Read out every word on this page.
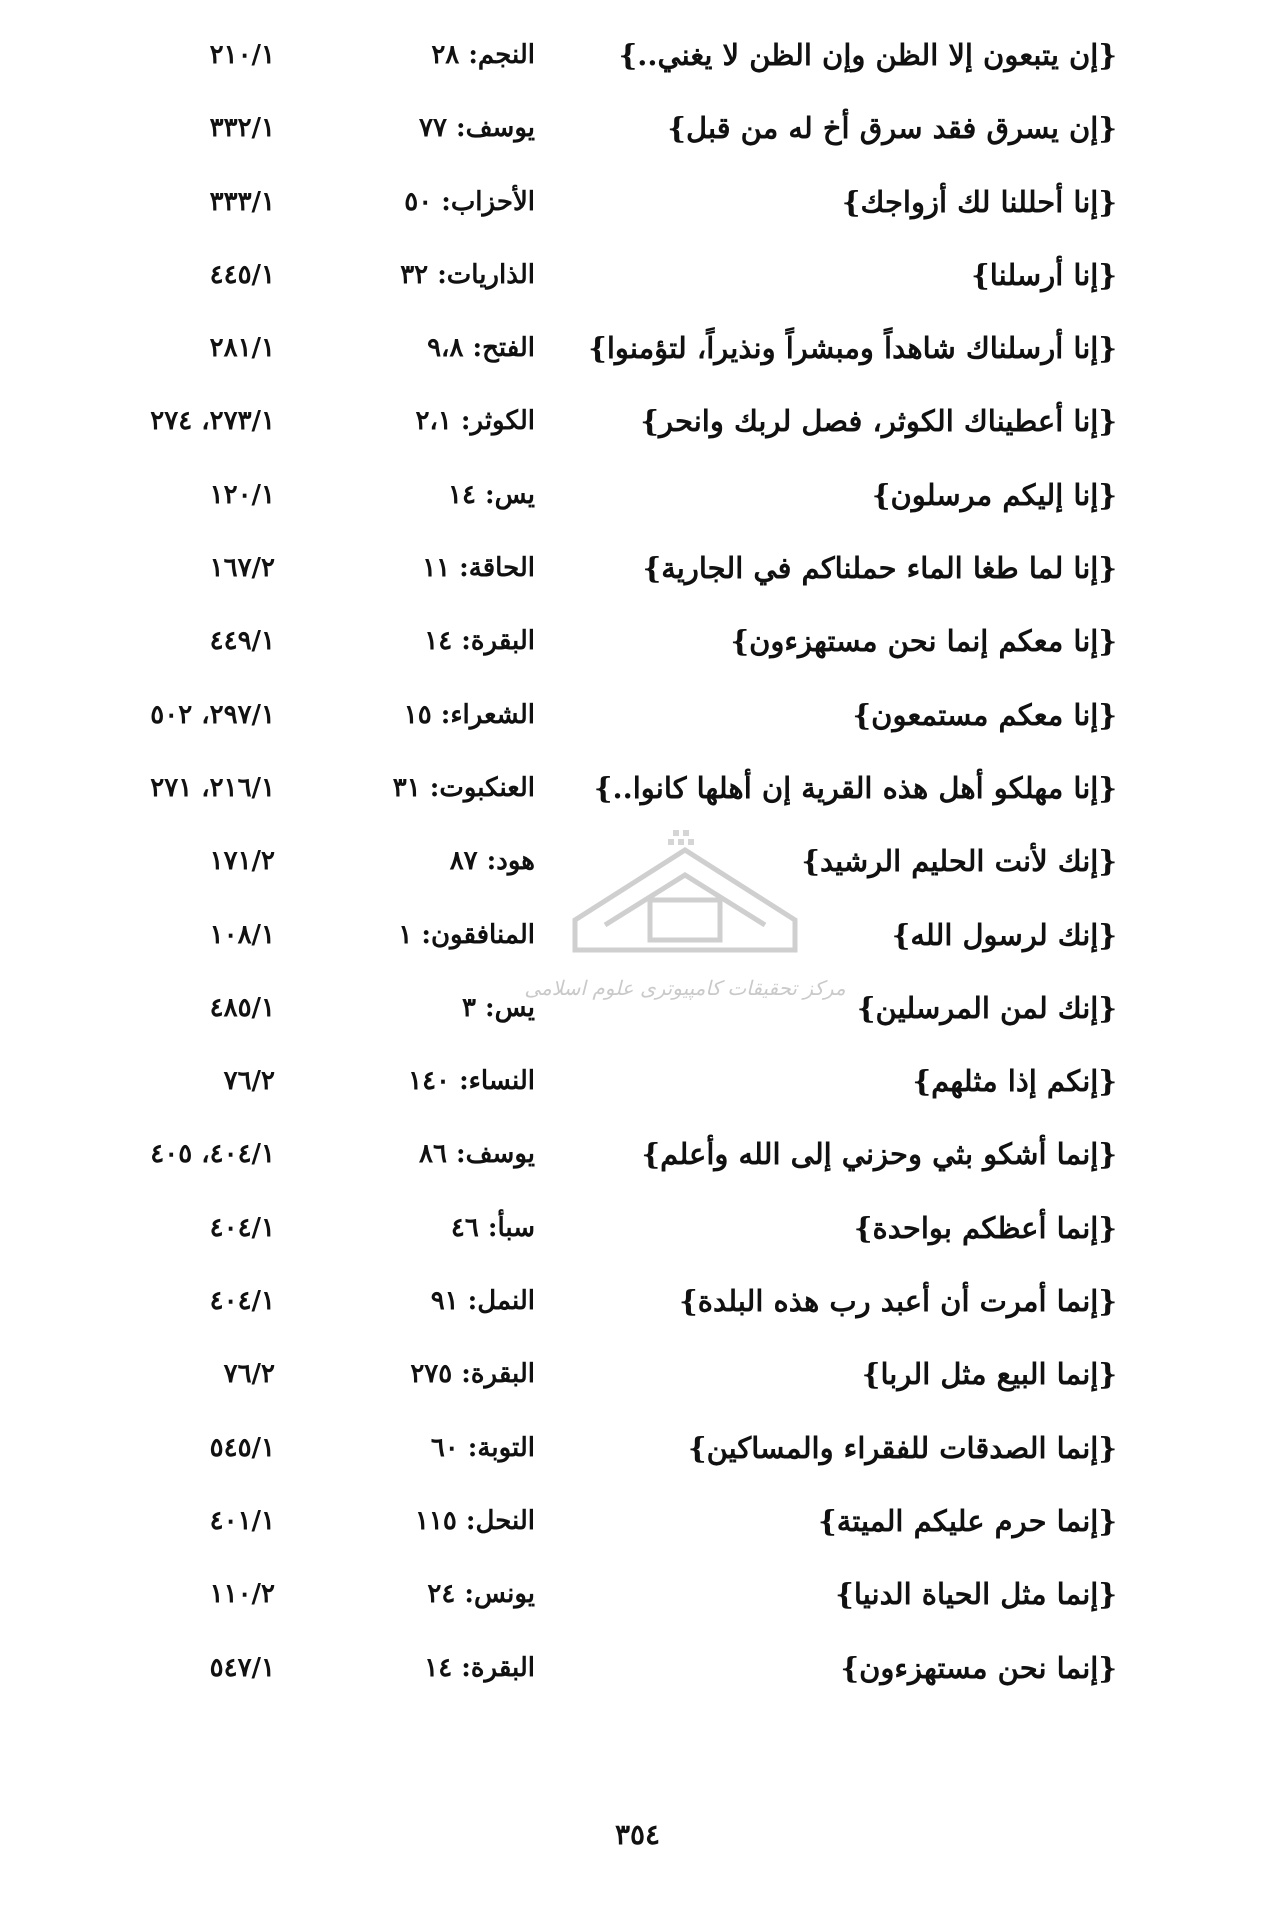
{إن يتبعون إلا الظن وإن الظن لا يغني..}
النجم: ٢٨
٢١٠/١
{إن يسرق فقد سرق أخ له من قبل}
يوسف: ٧٧
٣٣٢/١
{إنا أحللنا لك أزواجك}
الأحزاب: ٥٠
٣٣٣/١
{إنا أرسلنا}
الذاريات: ٣٢
٤٤٥/١
{إنا أرسلناك شاهداً ومبشراً ونذيراً، لتؤمنوا}
الفتح: ٩،٨
٢٨١/١
{إنا أعطيناك الكوثر، فصل لربك وانحر}
الكوثر: ٢،١
٢٧٣/١، ٢٧٤
{إنا إليكم مرسلون}
يس: ١٤
١٢٠/١
{إنا لما طغا الماء حملناكم في الجارية}
الحاقة: ١١
١٦٧/٢
{إنا معكم إنما نحن مستهزءون}
البقرة: ١٤
٤٤٩/١
{إنا معكم مستمعون}
الشعراء: ١٥
٢٩٧/١، ٥٠٢
{إنا مهلكو أهل هذه القرية إن أهلها كانوا..}
العنكبوت: ٣١
٢١٦/١، ٢٧١
{إنك لأنت الحليم الرشيد}
هود: ٨٧
١٧١/٢
{إنك لرسول الله}
المنافقون: ١
١٠٨/١
{إنك لمن المرسلين}
يس: ٣
٤٨٥/١
{إنكم إذا مثلهم}
النساء: ١٤٠
٧٦/٢
{إنما أشكو بثي وحزني إلى الله وأعلم}
يوسف: ٨٦
٤٠٤/١، ٤٠٥
{إنما أعظكم بواحدة}
سبأ: ٤٦
٤٠٤/١
{إنما أمرت أن أعبد رب هذه البلدة}
النمل: ٩١
٤٠٤/١
{إنما البيع مثل الربا}
البقرة: ٢٧٥
٧٦/٢
{إنما الصدقات للفقراء والمساكين}
التوبة: ٦٠
٥٤٥/١
{إنما حرم عليكم الميتة}
النحل: ١١٥
٤٠١/١
{إنما مثل الحياة الدنيا}
يونس: ٢٤
١١٠/٢
{إنما نحن مستهزءون}
البقرة: ١٤
٥٤٧/١
مرکز تحقیقات کامپیوتری علوم اسلامی
٣٥٤
